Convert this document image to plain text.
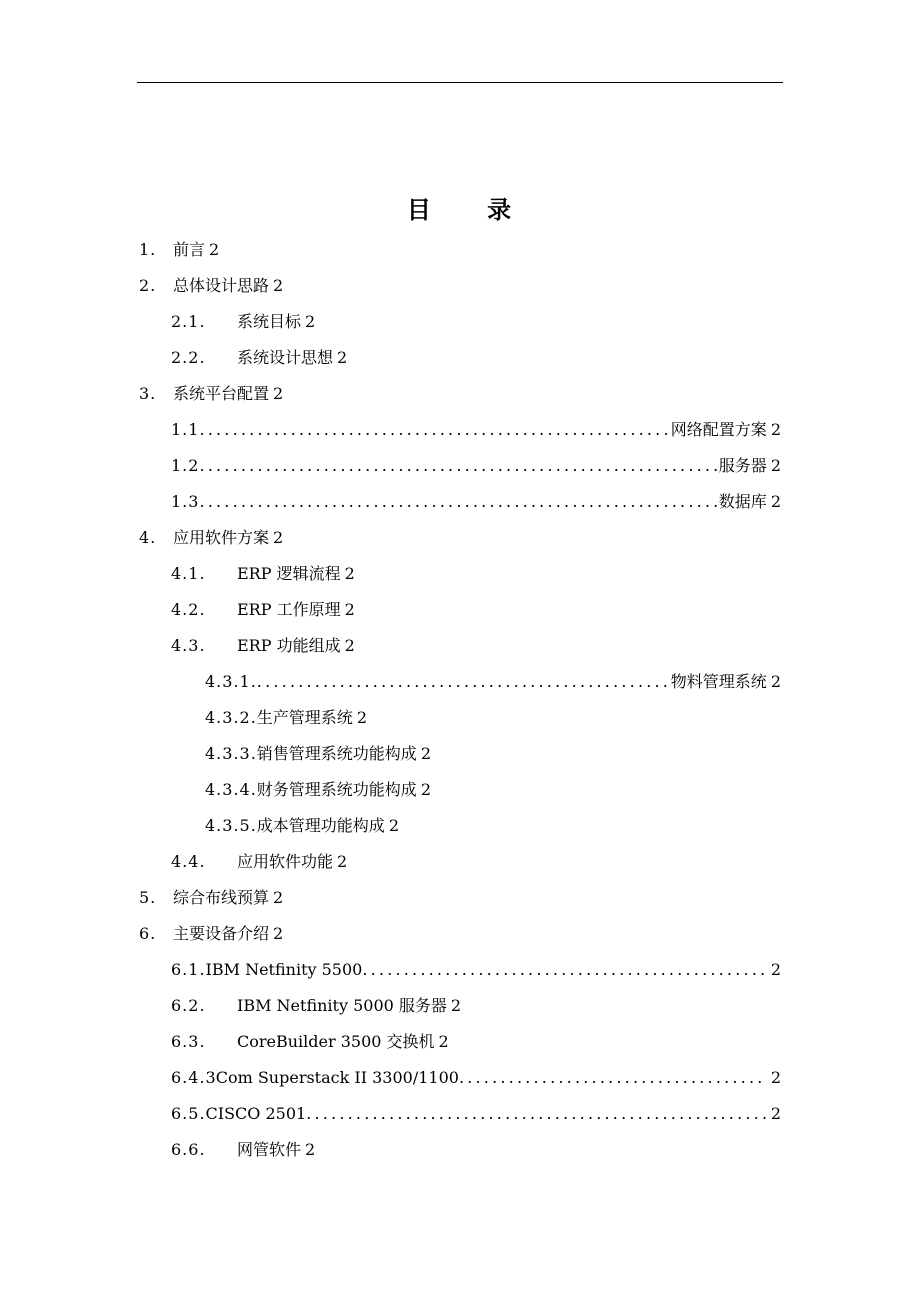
目 录
1.	前言 2
2.	总体设计思路 2
2.1.	系统目标 2
2.2.	系统设计思想 2
3.	系统平台配置 2
1.1 .....	网络配置方案 2
1.2 .....	服务器 2
1.3 .....	数据库 2
4.	应用软件方案 2
4.1.	ERP 逻辑流程 2
4.2.	ERP 工作原理 2
4.3.	ERP 功能组成 2
4.3.1. .....	物料管理系统 2
4.3.2. 生产管理系统 2
4.3.3. 销售管理系统功能构成 2
4.3.4. 财务管理系统功能构成 2
4.3.5. 成本管理功能构成 2
4.4.	应用软件功能 2
5.	综合布线预算 2
6.	主要设备介绍 2
6.1. IBM Netfinity 5500 .....	2
6.2.	IBM Netfinity 5000 服务器 2
6.3.	CoreBuilder 3500 交换机 2
6.4. 3Com Superstack II 3300/1100 .....	2
6.5. CISCO 2501 .....	2
6.6.	网管软件 2
